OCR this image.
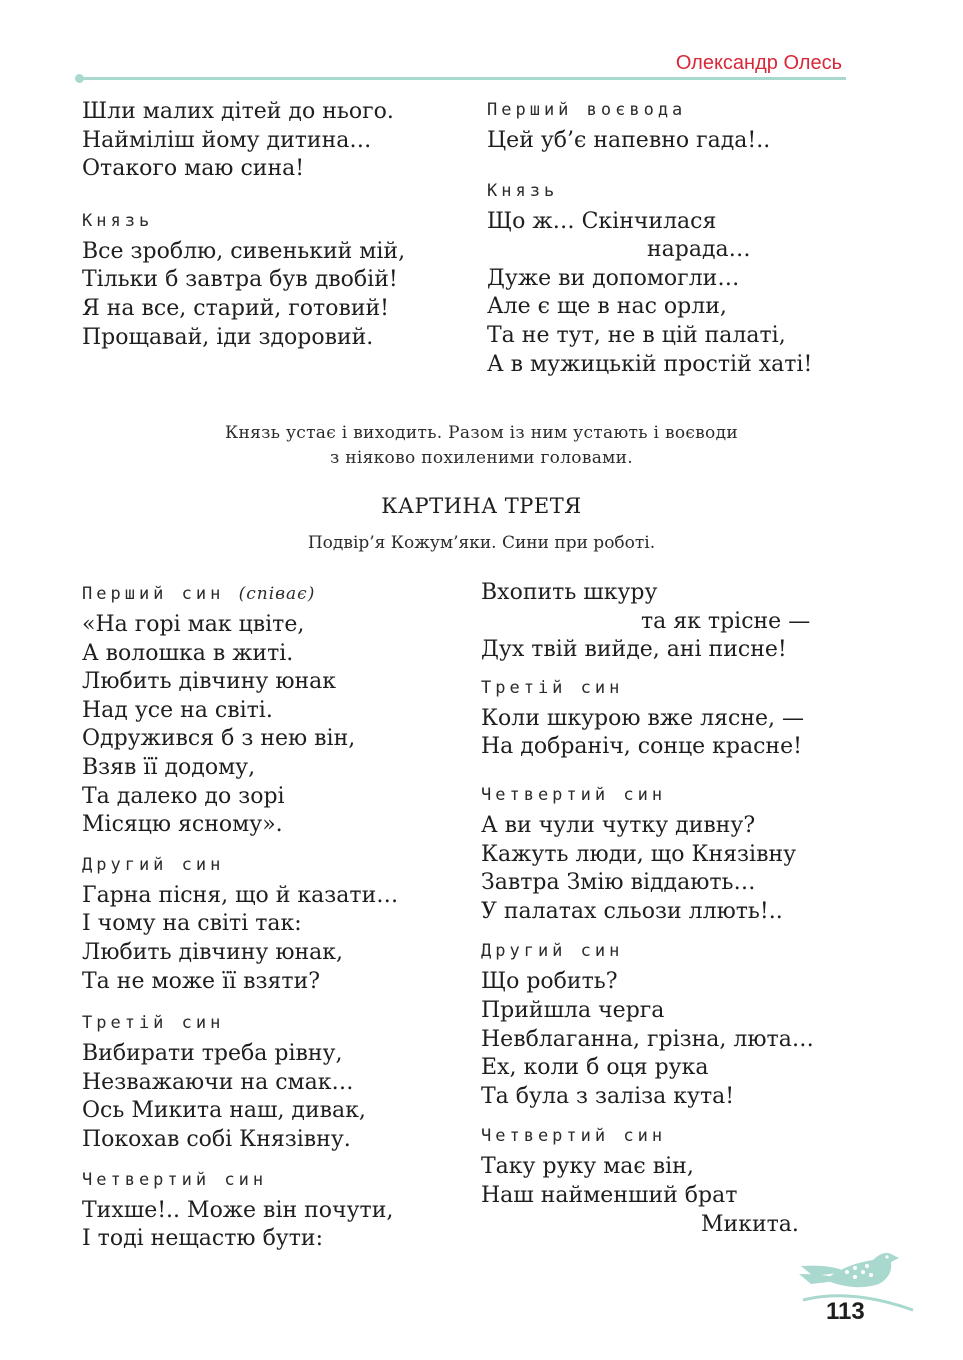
Олександр Олесь
Шли малих дітей до нього.
Найміліш йому дитина…
Отакого маю сина!
Князь
Все зроблю, сивенький мій,
Тільки б завтра був двобій!
Я на все, старий, готовий!
Прощавай, іди здоровий.
Перший воєвода
Цей уб’є напевно гада!..
Князь
Що ж… Скінчилася
нарада…
Дуже ви допомогли…
Але є ще в нас орли,
Та не тут, не в цій палаті,
А в мужицькій простій хаті!
Князь устає і виходить. Разом із ним устають і воєводи
з ніяково похиленими головами.
КАРТИНА ТРЕТЯ
Подвір’я Кожум’яки. Сини при роботі.
Перший син (співає)
«На горі мак цвіте,
А волошка в житі.
Любить дівчину юнак
Над усе на світі.
Одружився б з нею він,
Взяв її додому,
Та далеко до зорі
Місяцю ясному».
Другий син
Гарна пісня, що й казати…
І чому на світі так:
Любить дівчину юнак,
Та не може її взяти?
Третій син
Вибирати треба рівну,
Незважаючи на смак…
Ось Микита наш, дивак,
Покохав собі Князівну.
Четвертий син
Тихше!.. Може він почути,
І тоді нещастю бути:
Вхопить шкуру
та як трісне —
Дух твій вийде, ані писне!
Третій син
Коли шкурою вже лясне, —
На добраніч, сонце красне!
Четвертий син
А ви чули чутку дивну?
Кажуть люди, що Князівну
Завтра Змію віддають…
У палатах сльози ллють!..
Другий син
Що робить?
Прийшла черга
Невблаганна, грізна, люта…
Ех, коли б оця рука
Та була з заліза кута!
Четвертий син
Таку руку має він,
Наш найменший брат
Микита.
113
